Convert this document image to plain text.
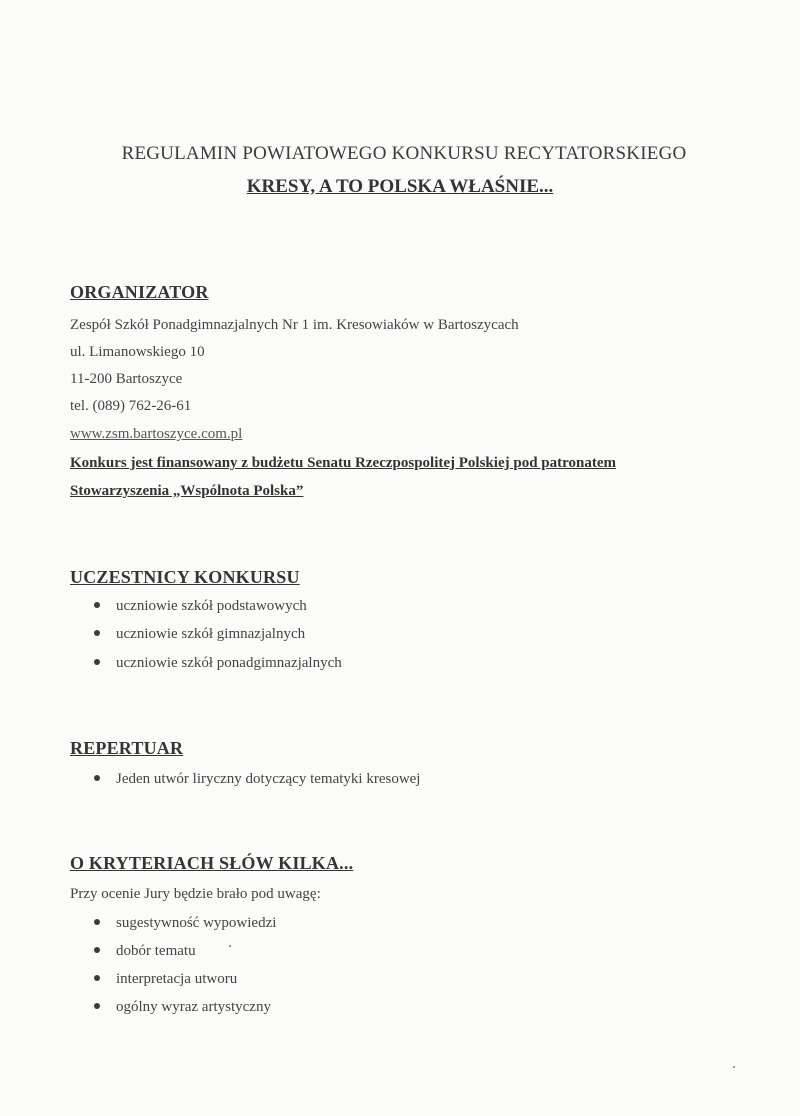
REGULAMIN POWIATOWEGO KONKURSU RECYTATORSKIEGO
KRESY, A TO POLSKA WŁAŚNIE...
ORGANIZATOR
Zespół Szkół Ponadgimnazjalnych Nr 1 im. Kresowiaków w Bartoszycach
ul. Limanowskiego 10
11-200 Bartoszyce
tel. (089) 762-26-61
www.zsm.bartoszyce.com.pl
Konkurs jest finansowany z budżetu Senatu Rzeczpospolitej Polskiej pod patronatem
Stowarzyszenia „Wspólnota Polska”
UCZESTNICY KONKURSU
uczniowie szkół podstawowych
uczniowie szkół gimnazjalnych
uczniowie szkół ponadgimnazjalnych
REPERTUAR
Jeden utwór liryczny dotyczący tematyki kresowej
O KRYTERIACH SŁÓW KILKA...
Przy ocenie Jury będzie brało pod uwagę:
sugestywność wypowiedzi
dobór tematu
interpretacja utworu
ogólny wyraz artystyczny
